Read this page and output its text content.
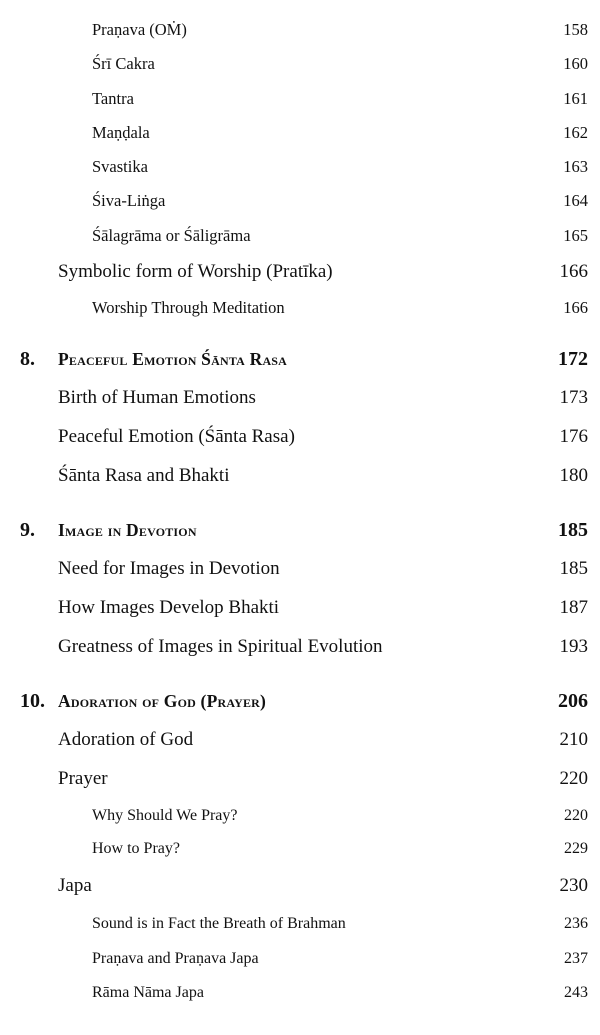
Praṇava (OṀ)	158
Śrī Cakra	160
Tantra	161
Maṇḍala	162
Svastika	163
Śiva-Liṅga	164
Śālagrāma or Śāligrāma	165
Symbolic form of Worship (Pratīka)	166
Worship Through Meditation	166
8. Peaceful Emotion Śānta Rasa	172
Birth of Human Emotions	173
Peaceful Emotion (Śānta Rasa)	176
Śānta Rasa and Bhakti	180
9. Image in Devotion	185
Need for Images in Devotion	185
How Images Develop Bhakti	187
Greatness of Images in Spiritual Evolution	193
10. Adoration of God (Prayer)	206
Adoration of God	210
Prayer	220
Why Should We Pray?	220
How to Pray?	229
Japa	230
Sound is in Fact the Breath of Brahman	236
Praṇava and Praṇava Japa	237
Rāma Nāma Japa	243
